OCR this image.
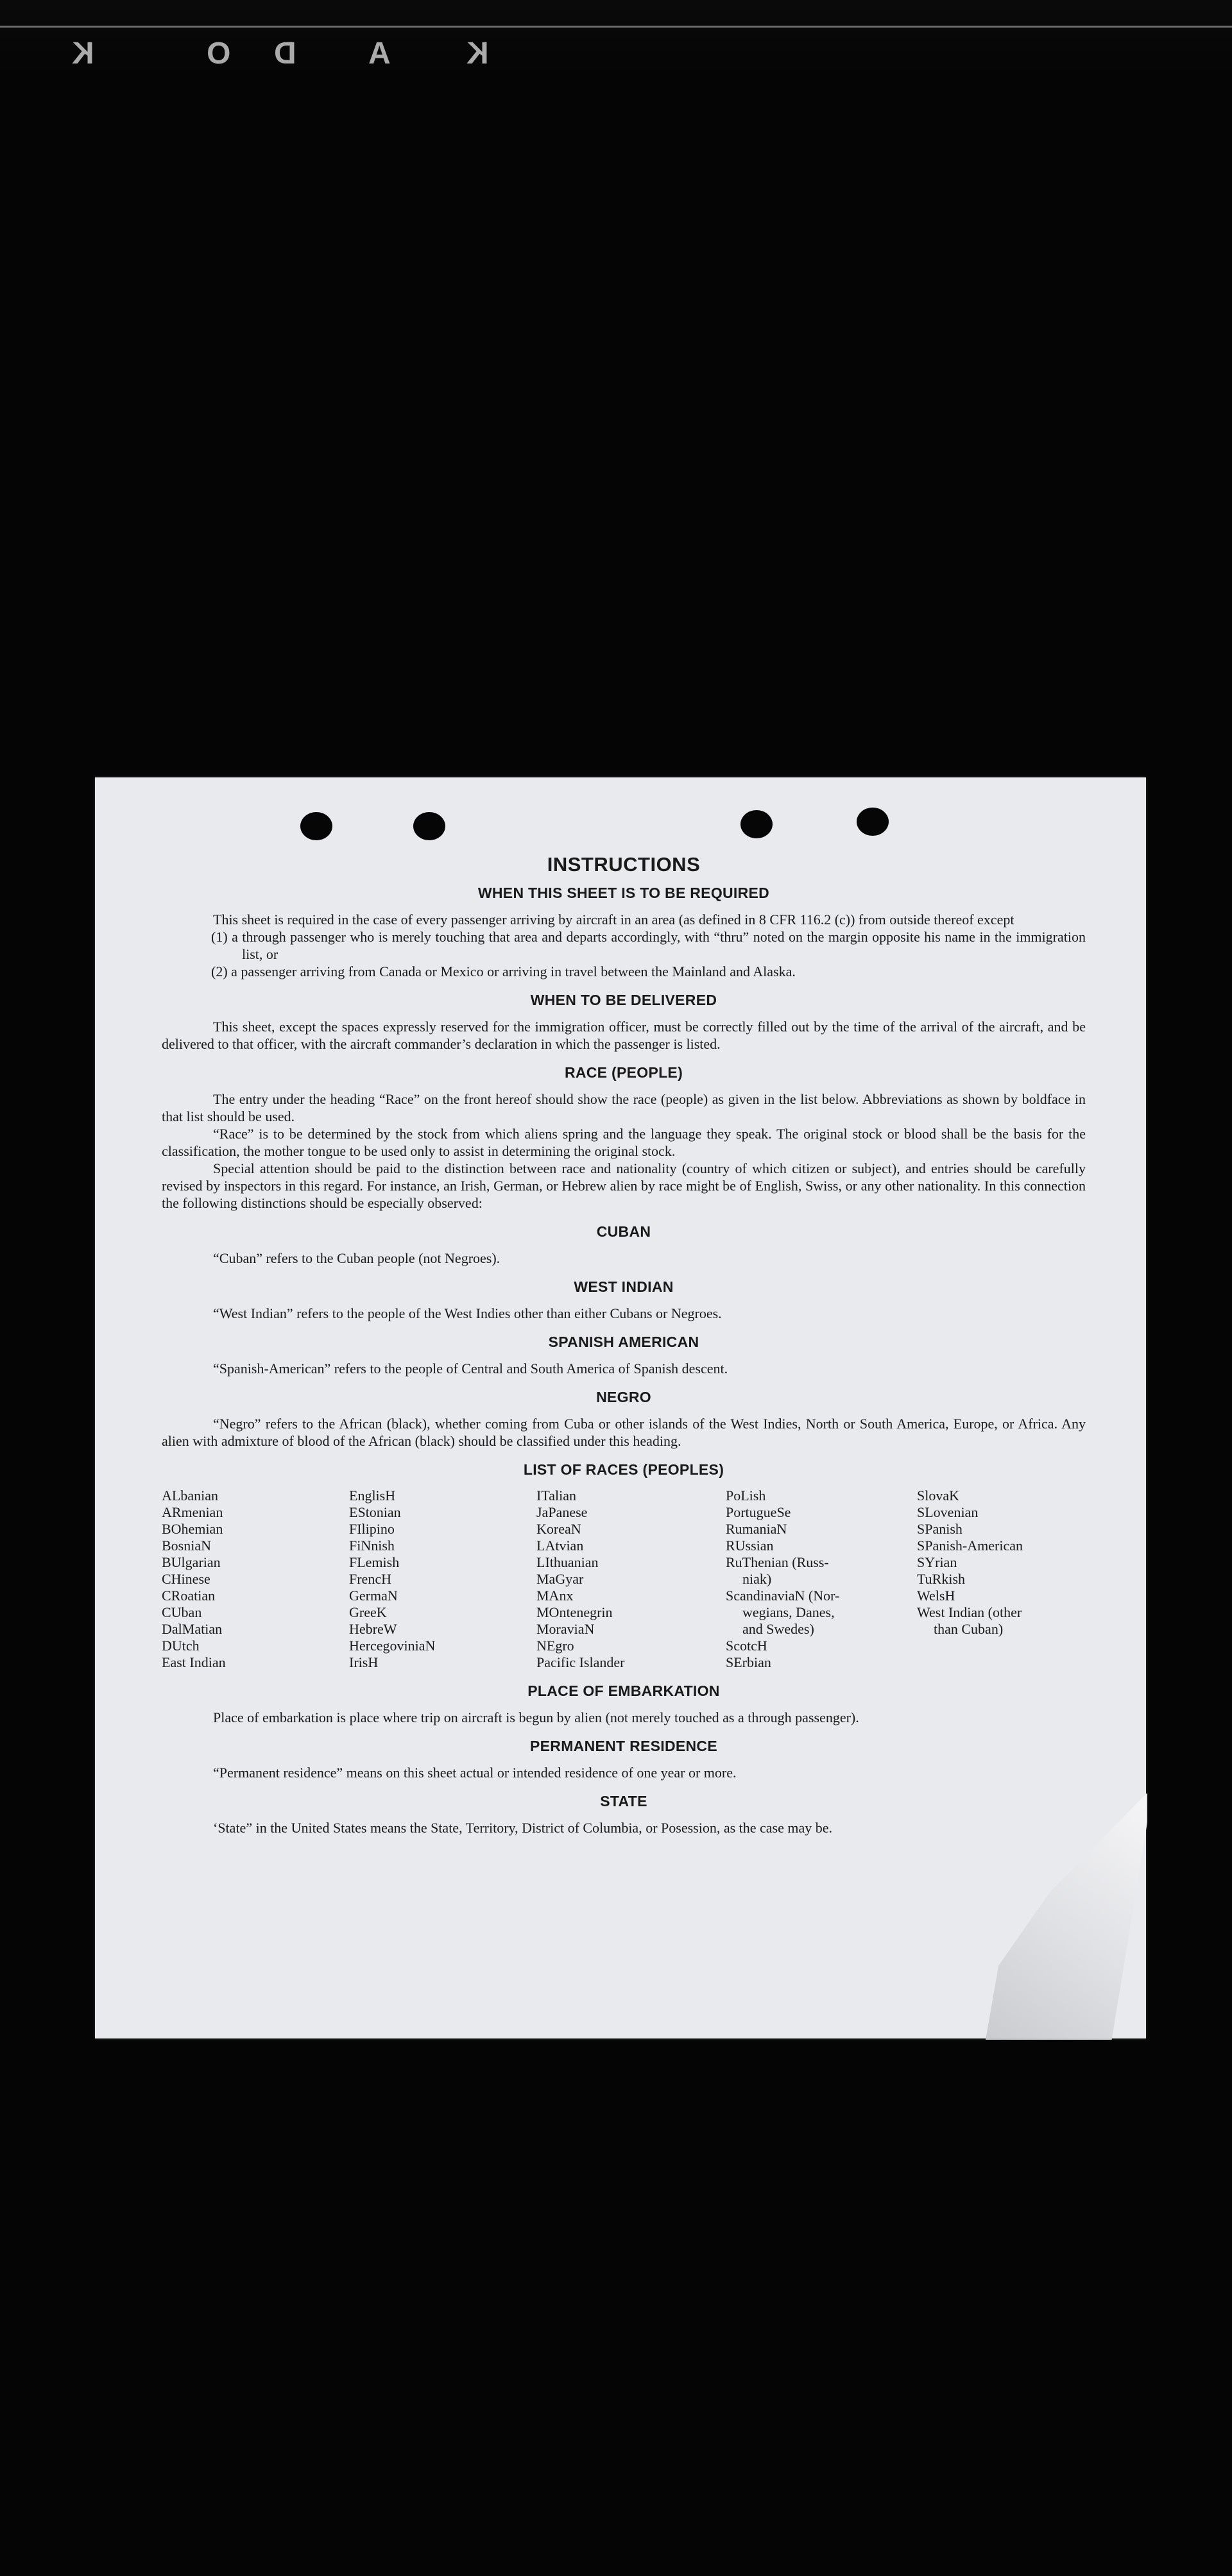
K	O D A K
INSTRUCTIONS
WHEN THIS SHEET IS TO BE REQUIRED

This sheet is required in the case of every passenger arriving by aircraft in an area (as defined in 8 CFR 116.2 (c)) from outside thereof except

(1) a through passenger who is merely touching that area and departs accordingly, with “thru” noted on the margin opposite his name in the immigration list, or

(2) a passenger arriving from Canada or Mexico or arriving in travel between the Mainland and Alaska.

WHEN TO BE DELIVERED

This sheet, except the spaces expressly reserved for the immigration officer, must be correctly filled out by the time of the arrival of the aircraft, and be delivered to that officer, with the aircraft commander’s declaration in which the passenger is listed.

RACE (PEOPLE)

The entry under the heading “Race” on the front hereof should show the race (people) as given in the list below. Abbreviations as shown by boldface in that list should be used.

“Race” is to be determined by the stock from which aliens spring and the language they speak. The original stock or blood shall be the basis for the classification, the mother tongue to be used only to assist in determining the original stock.

Special attention should be paid to the distinction between race and nationality (country of which citizen or subject), and entries should be carefully revised by inspectors in this regard. For instance, an Irish, German, or Hebrew alien by race might be of English, Swiss, or any other nationality. In this connection the following distinctions should be especially observed:

CUBAN

“Cuban” refers to the Cuban people (not Negroes).

WEST INDIAN

“West Indian” refers to the people of the West Indies other than either Cubans or Negroes.

SPANISH AMERICAN

“Spanish-American” refers to the people of Central and South America of Spanish descent.

NEGRO

“Negro” refers to the African (black), whether coming from Cuba or other islands of the West Indies, North or South America, Europe, or Africa. Any alien with admixture of blood of the African (black) should be classified under this heading.

LIST OF RACES (PEOPLES)
ALbanian
ARmenian
BOhemian
BosniaN
BUlgarian
CHinese
CRoatian
CUban
DalMatian
DUtch
East Indian
EnglisH
EStonian
FIlipino
FiNnish
FLemish
FrencH
GermaN
GreeK
HebreW
HercegoviniaN
IrisH
ITalian
JaPanese
KoreaN
LAtvian
LIthuanian
MaGyar
MAnx
MOntenegrin
MoraviaN
NEgro
Pacific Islander
PoLish
PortugueSe
RumaniaN
RUssian
RuThenian (Russ-
niak)
ScandinaviaN (Nor-
wegians, Danes,
and Swedes)
ScotcH
SErbian
SlovaK
SLovenian
SPanish
SPanish-American
SYrian
TuRkish
WelsH
West Indian (other
than Cuban)
PLACE OF EMBARKATION

Place of embarkation is place where trip on aircraft is begun by alien (not merely touched as a through passenger).

PERMANENT RESIDENCE

“Permanent residence” means on this sheet actual or intended residence of one year or more.

STATE

‘State” in the United States means the State, Territory, District of Columbia, or Posession, as the case may be.
